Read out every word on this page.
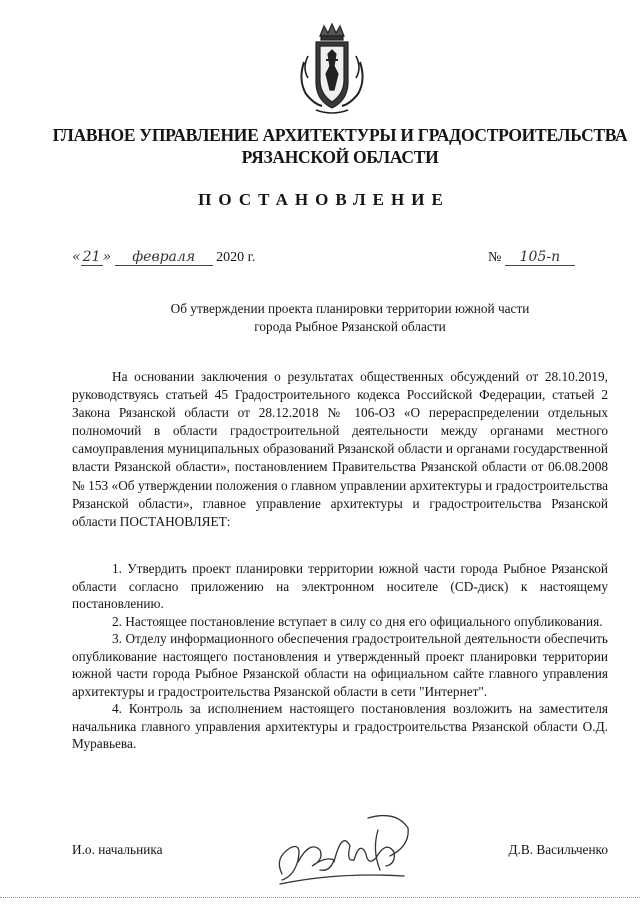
ГЛАВНОЕ УПРАВЛЕНИЕ АРХИТЕКТУРЫ И ГРАДОСТРОИТЕЛЬСТВА
РЯЗАНСКОЙ ОБЛАСТИ
ПОСТАНОВЛЕНИЕ
« 21 » февраля 2020 г.	№ 105-п
Об утверждении проекта планировки территории южной части
города Рыбное Рязанской области

На основании заключения о результатах общественных обсуждений от 28.10.2019, руководствуясь статьей 45 Градостроительного кодекса Российской Федерации, статьей 2 Закона Рязанской области от 28.12.2018 № 106-ОЗ «О перераспределении отдельных полномочий в области градостроительной деятельности между органами местного самоуправления муниципальных образований Рязанской области и органами государственной власти Рязанской области», постановлением Правительства Рязанской области от 06.08.2008 № 153 «Об утверждении положения о главном управлении архитектуры и градостроительства Рязанской области», главное управление архитектуры и градостроительства Рязанской области ПОСТАНОВЛЯЕТ:

1. Утвердить проект планировки территории южной части города Рыбное Рязанской области согласно приложению на электронном носителе (CD-диск) к настоящему постановлению.

2. Настоящее постановление вступает в силу со дня его официального опубликования.

3. Отделу информационного обеспечения градостроительной деятельности обеспечить опубликование настоящего постановления и утвержденный проект планировки территории южной части города Рыбное Рязанской области на официальном сайте главного управления архитектуры и градостроительства Рязанской области в сети "Интернет".

4. Контроль за исполнением настоящего постановления возложить на заместителя начальника главного управления архитектуры и градостроительства Рязанской области О.Д. Муравьева.

И.о. начальника	Д.В. Васильченко
